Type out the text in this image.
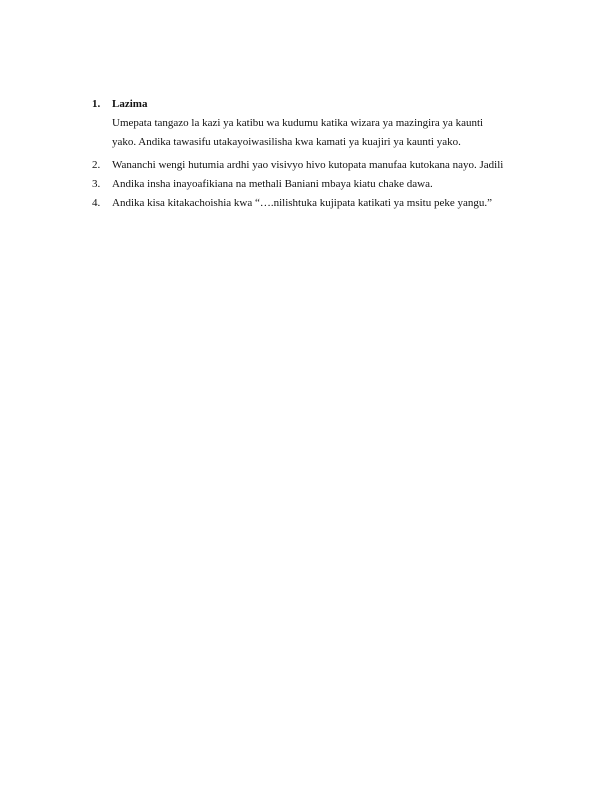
1.	Lazima
Umepata tangazo la kazi ya katibu wa kudumu katika wizara ya mazingira ya kaunti
yako. Andika tawasifu utakayoiwasilisha kwa kamati ya kuajiri ya kaunti yako.
2.	Wananchi wengi hutumia ardhi yao visivyo hivo kutopata manufaa kutokana nayo. Jadili
3.	Andika insha inayoafikiana na methali Baniani mbaya kiatu chake dawa.
4.	Andika kisa kitakachoishia kwa “….nilishtuka kujipata katikati ya msitu peke yangu.”
